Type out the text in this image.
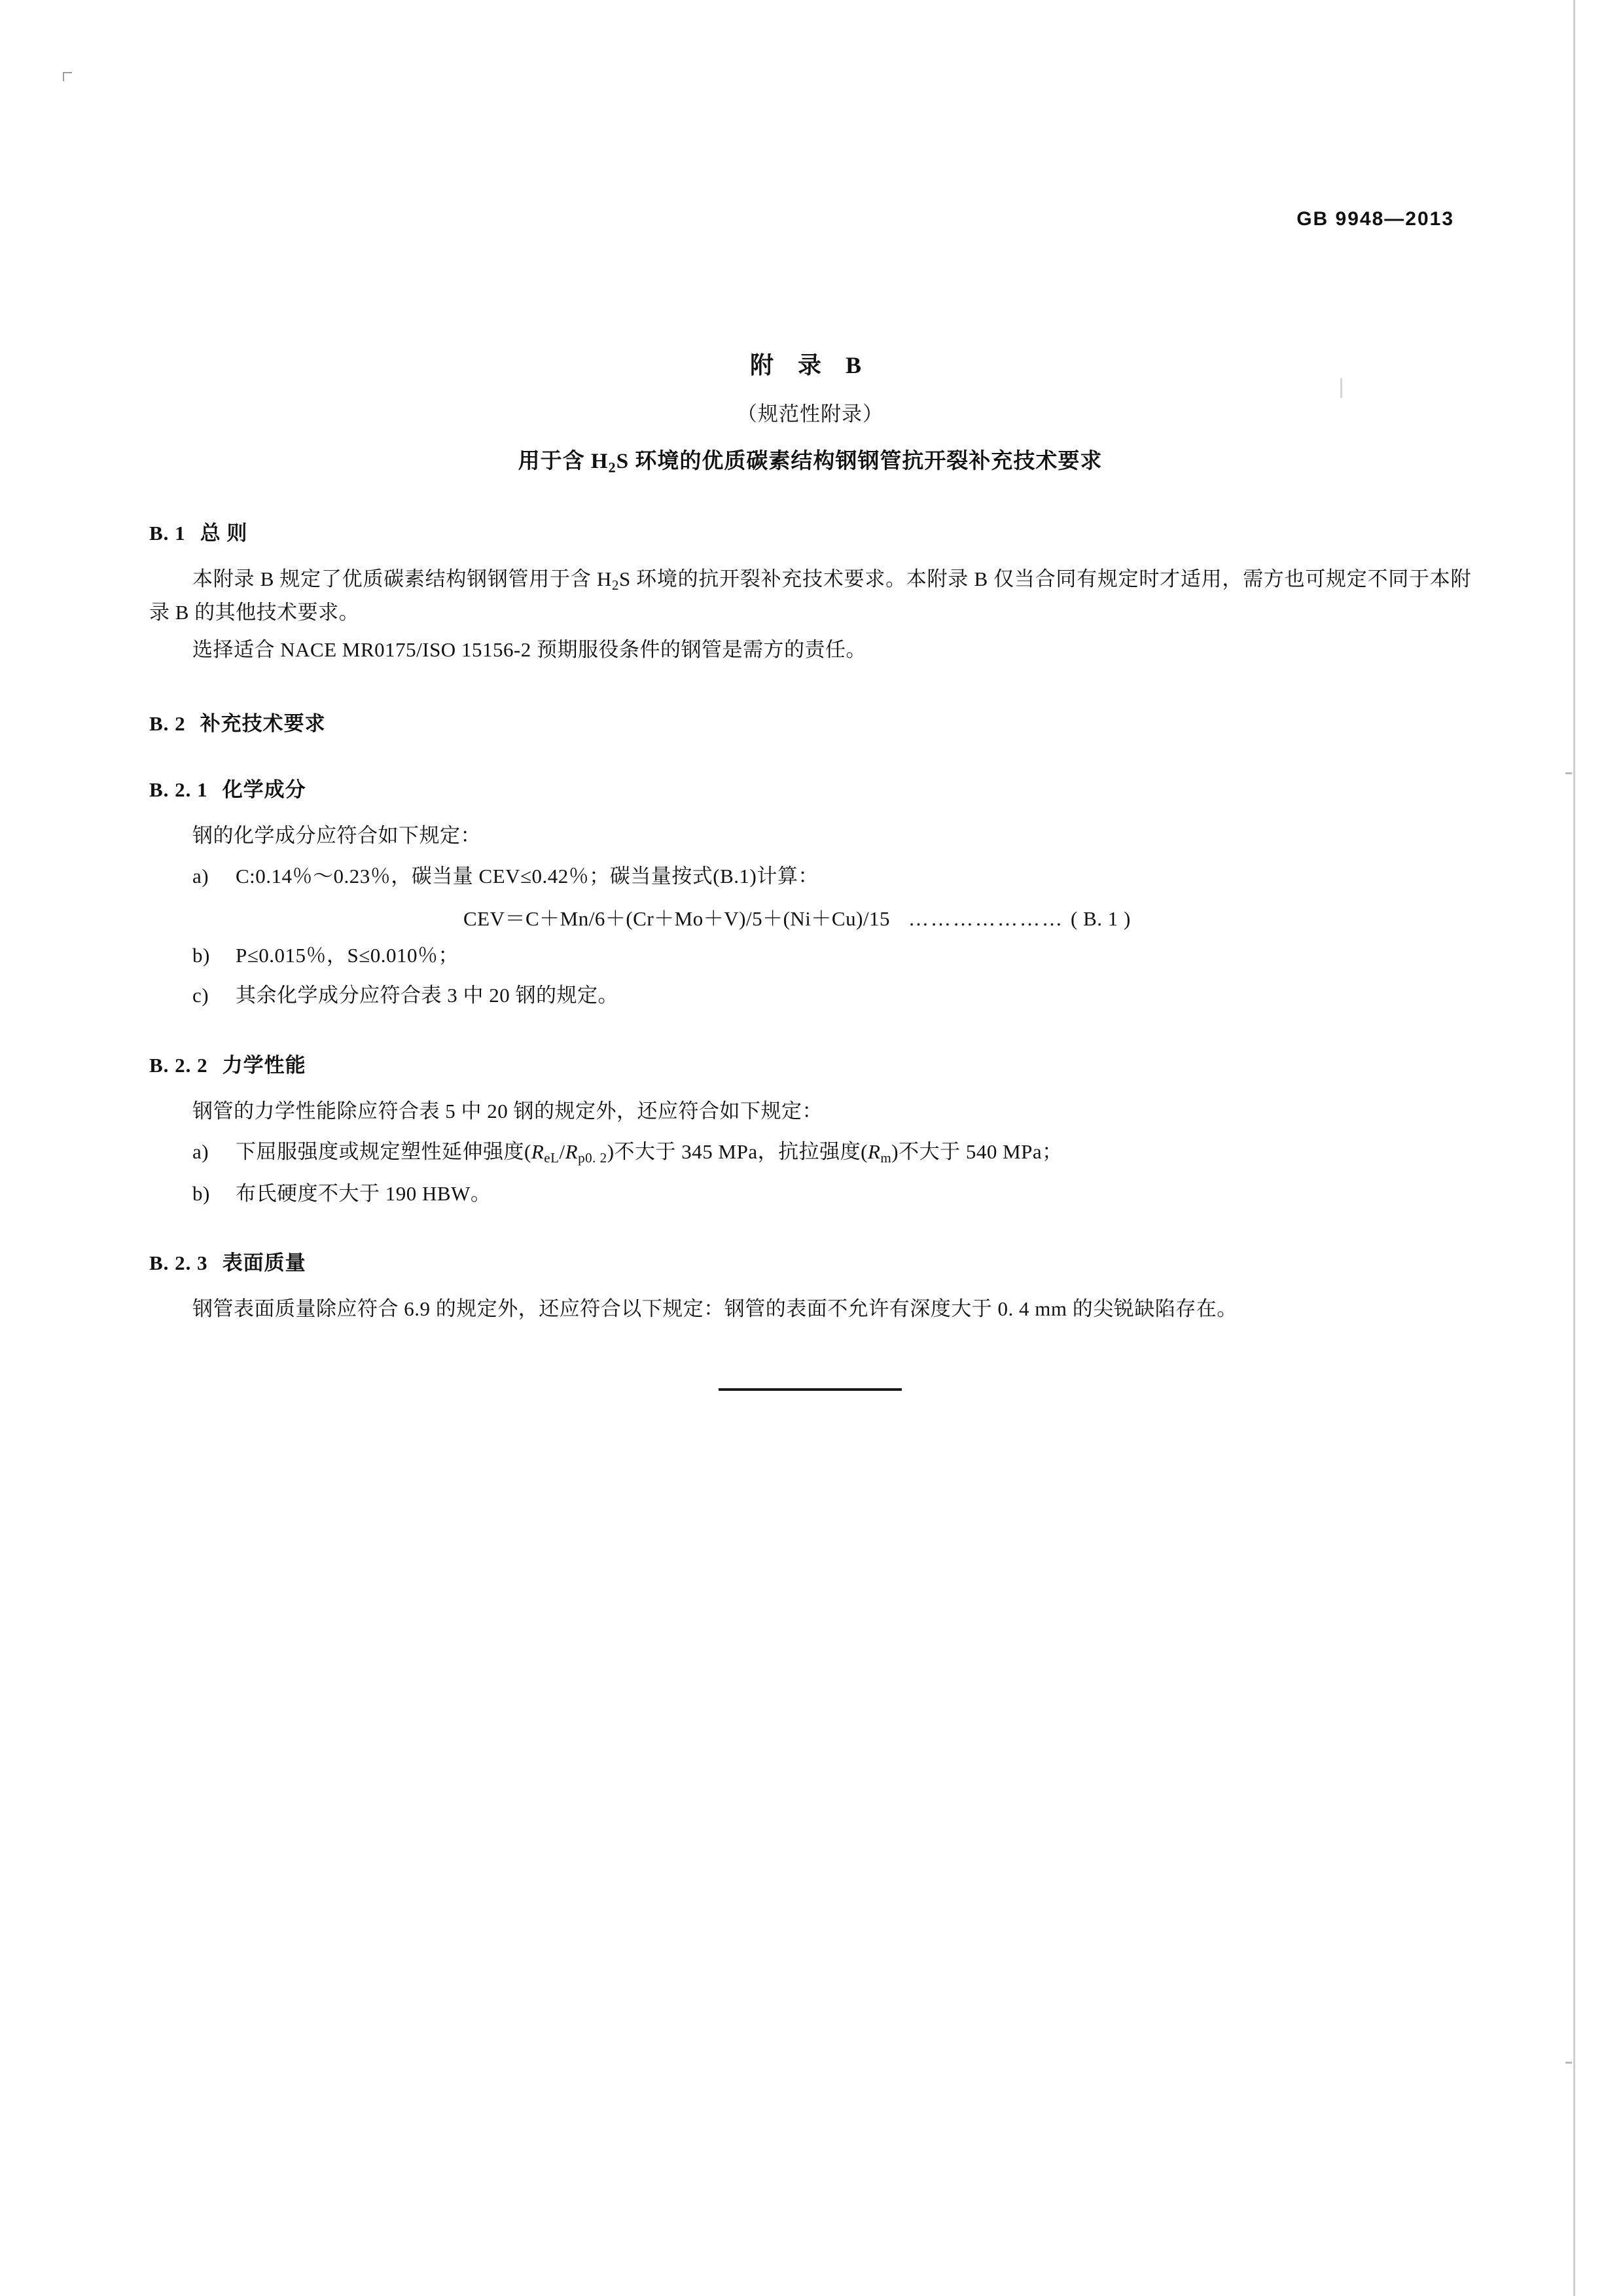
GB 9948—2013
附 录 B
（规范性附录）
用于含 $H_2S$ 环境的优质碳素结构钢钢管抗开裂补充技术要求
B. 1 总 则

本附录 B 规定了优质碳素结构钢钢管用于含 $H_2S$ 环境的抗开裂补充技术要求。本附录 B 仅当合同有规定时才适用，需方也可规定不同于本附录 B 的其他技术要求。

选择适合 NACE MR0175/ISO 15156-2 预期服役条件的钢管是需方的责任。

B. 2 补充技术要求
B. 2. 1 化学成分

钢的化学成分应符合如下规定：

a) C:0.14％～0.23％，碳当量 CEV≤0.42％；碳当量按式(B.1)计算：
CEV＝C＋Mn/6＋(Cr＋Mo＋V)/5＋(Ni＋Cu)/15 ………………… ( B. 1 )
b) P≤0.015％，S≤0.010％；
c) 其余化学成分应符合表 3 中 20 钢的规定。
B. 2. 2 力学性能

钢管的力学性能除应符合表 5 中 20 钢的规定外，还应符合如下规定：

a) 下屈服强度或规定塑性延伸强度$(R_{eL}/R_{p0. 2})$不大于 345 MPa，抗拉强度$(R_m)$不大于 540 MPa；
b) 布氏硬度不大于 190 HBW。
B. 2. 3 表面质量

钢管表面质量除应符合 6.9 的规定外，还应符合以下规定：钢管的表面不允许有深度大于 0. 4 mm 的尖锐缺陷存在。
